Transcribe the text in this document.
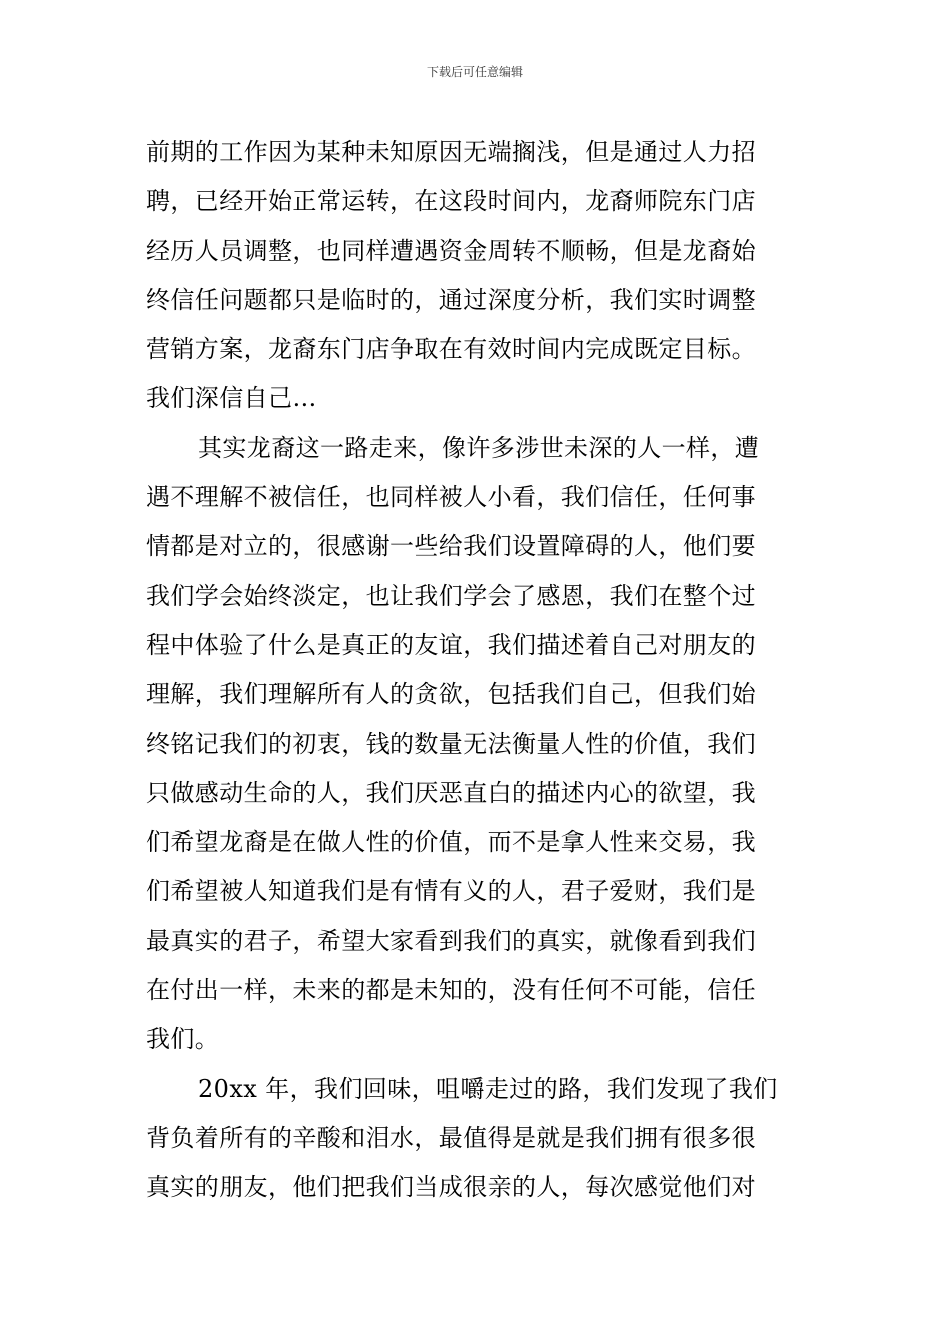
下载后可任意编辑
前期的工作因为某种未知原因无端搁浅，但是通过人力招
聘，已经开始正常运转，在这段时间内，龙裔师院东门店
经历人员调整，也同样遭遇资金周转不顺畅，但是龙裔始
终信任问题都只是临时的，通过深度分析，我们实时调整
营销方案，龙裔东门店争取在有效时间内完成既定目标。
我们深信自己…
其实龙裔这一路走来，像许多涉世未深的人一样，遭
遇不理解不被信任，也同样被人小看，我们信任，任何事
情都是对立的，很感谢一些给我们设置障碍的人，他们要
我们学会始终淡定，也让我们学会了感恩，我们在整个过
程中体验了什么是真正的友谊，我们描述着自己对朋友的
理解，我们理解所有人的贪欲，包括我们自己，但我们始
终铭记我们的初衷，钱的数量无法衡量人性的价值，我们
只做感动生命的人，我们厌恶直白的描述内心的欲望，我
们希望龙裔是在做人性的价值，而不是拿人性来交易，我
们希望被人知道我们是有情有义的人，君子爱财，我们是
最真实的君子，希望大家看到我们的真实，就像看到我们
在付出一样，未来的都是未知的，没有任何不可能，信任
我们。
20xx 年，我们回味，咀嚼走过的路，我们发现了我们
背负着所有的辛酸和泪水，最值得是就是我们拥有很多很
真实的朋友，他们把我们当成很亲的人，每次感觉他们对
